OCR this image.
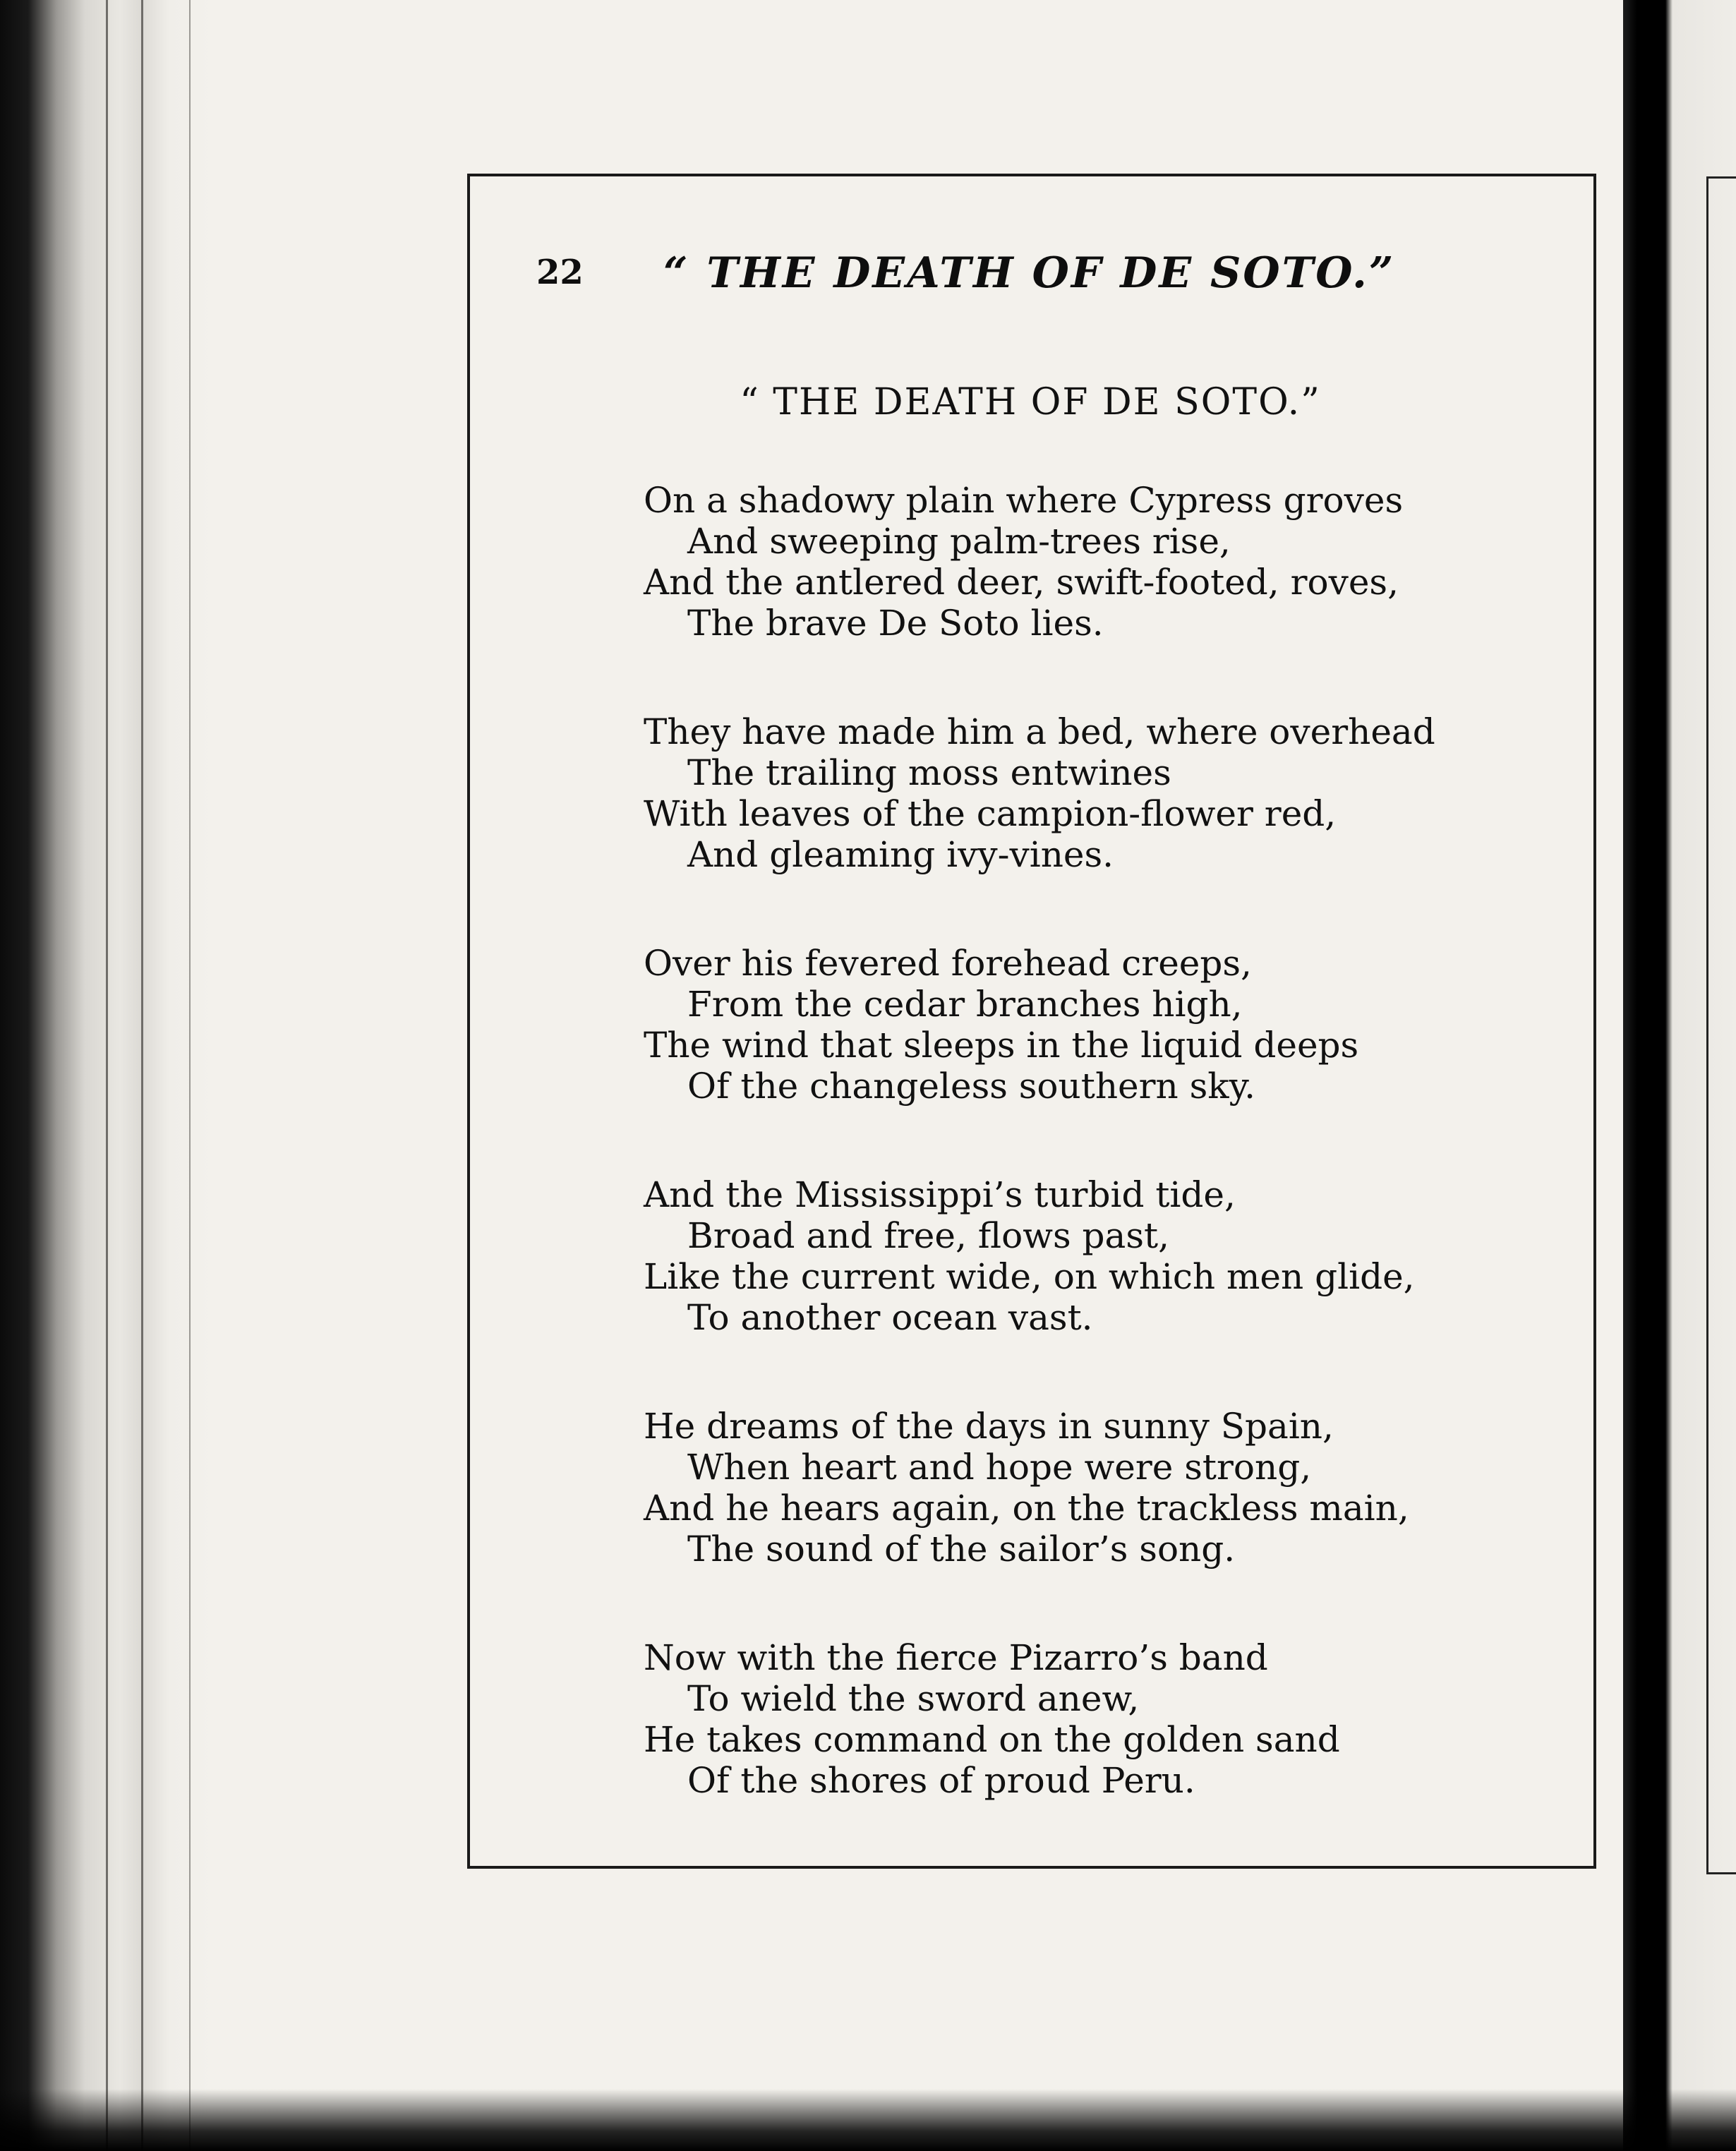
22 “ THE DEATH OF DE SOTO.”
“ THE DEATH OF DE SOTO.”
On a shadowy plain where Cypress groves
And sweeping palm-trees rise,
And the antlered deer, swift-footed, roves,
The brave De Soto lies.
They have made him a bed, where overhead
The trailing moss entwines
With leaves of the campion-flower red,
And gleaming ivy-vines.
Over his fevered forehead creeps,
From the cedar branches high,
The wind that sleeps in the liquid deeps
Of the changeless southern sky.
And the Mississippi’s turbid tide,
Broad and free, flows past,
Like the current wide, on which men glide,
To another ocean vast.
He dreams of the days in sunny Spain,
When heart and hope were strong,
And he hears again, on the trackless main,
The sound of the sailor’s song.
Now with the fierce Pizarro’s band
To wield the sword anew,
He takes command on the golden sand
Of the shores of proud Peru.
